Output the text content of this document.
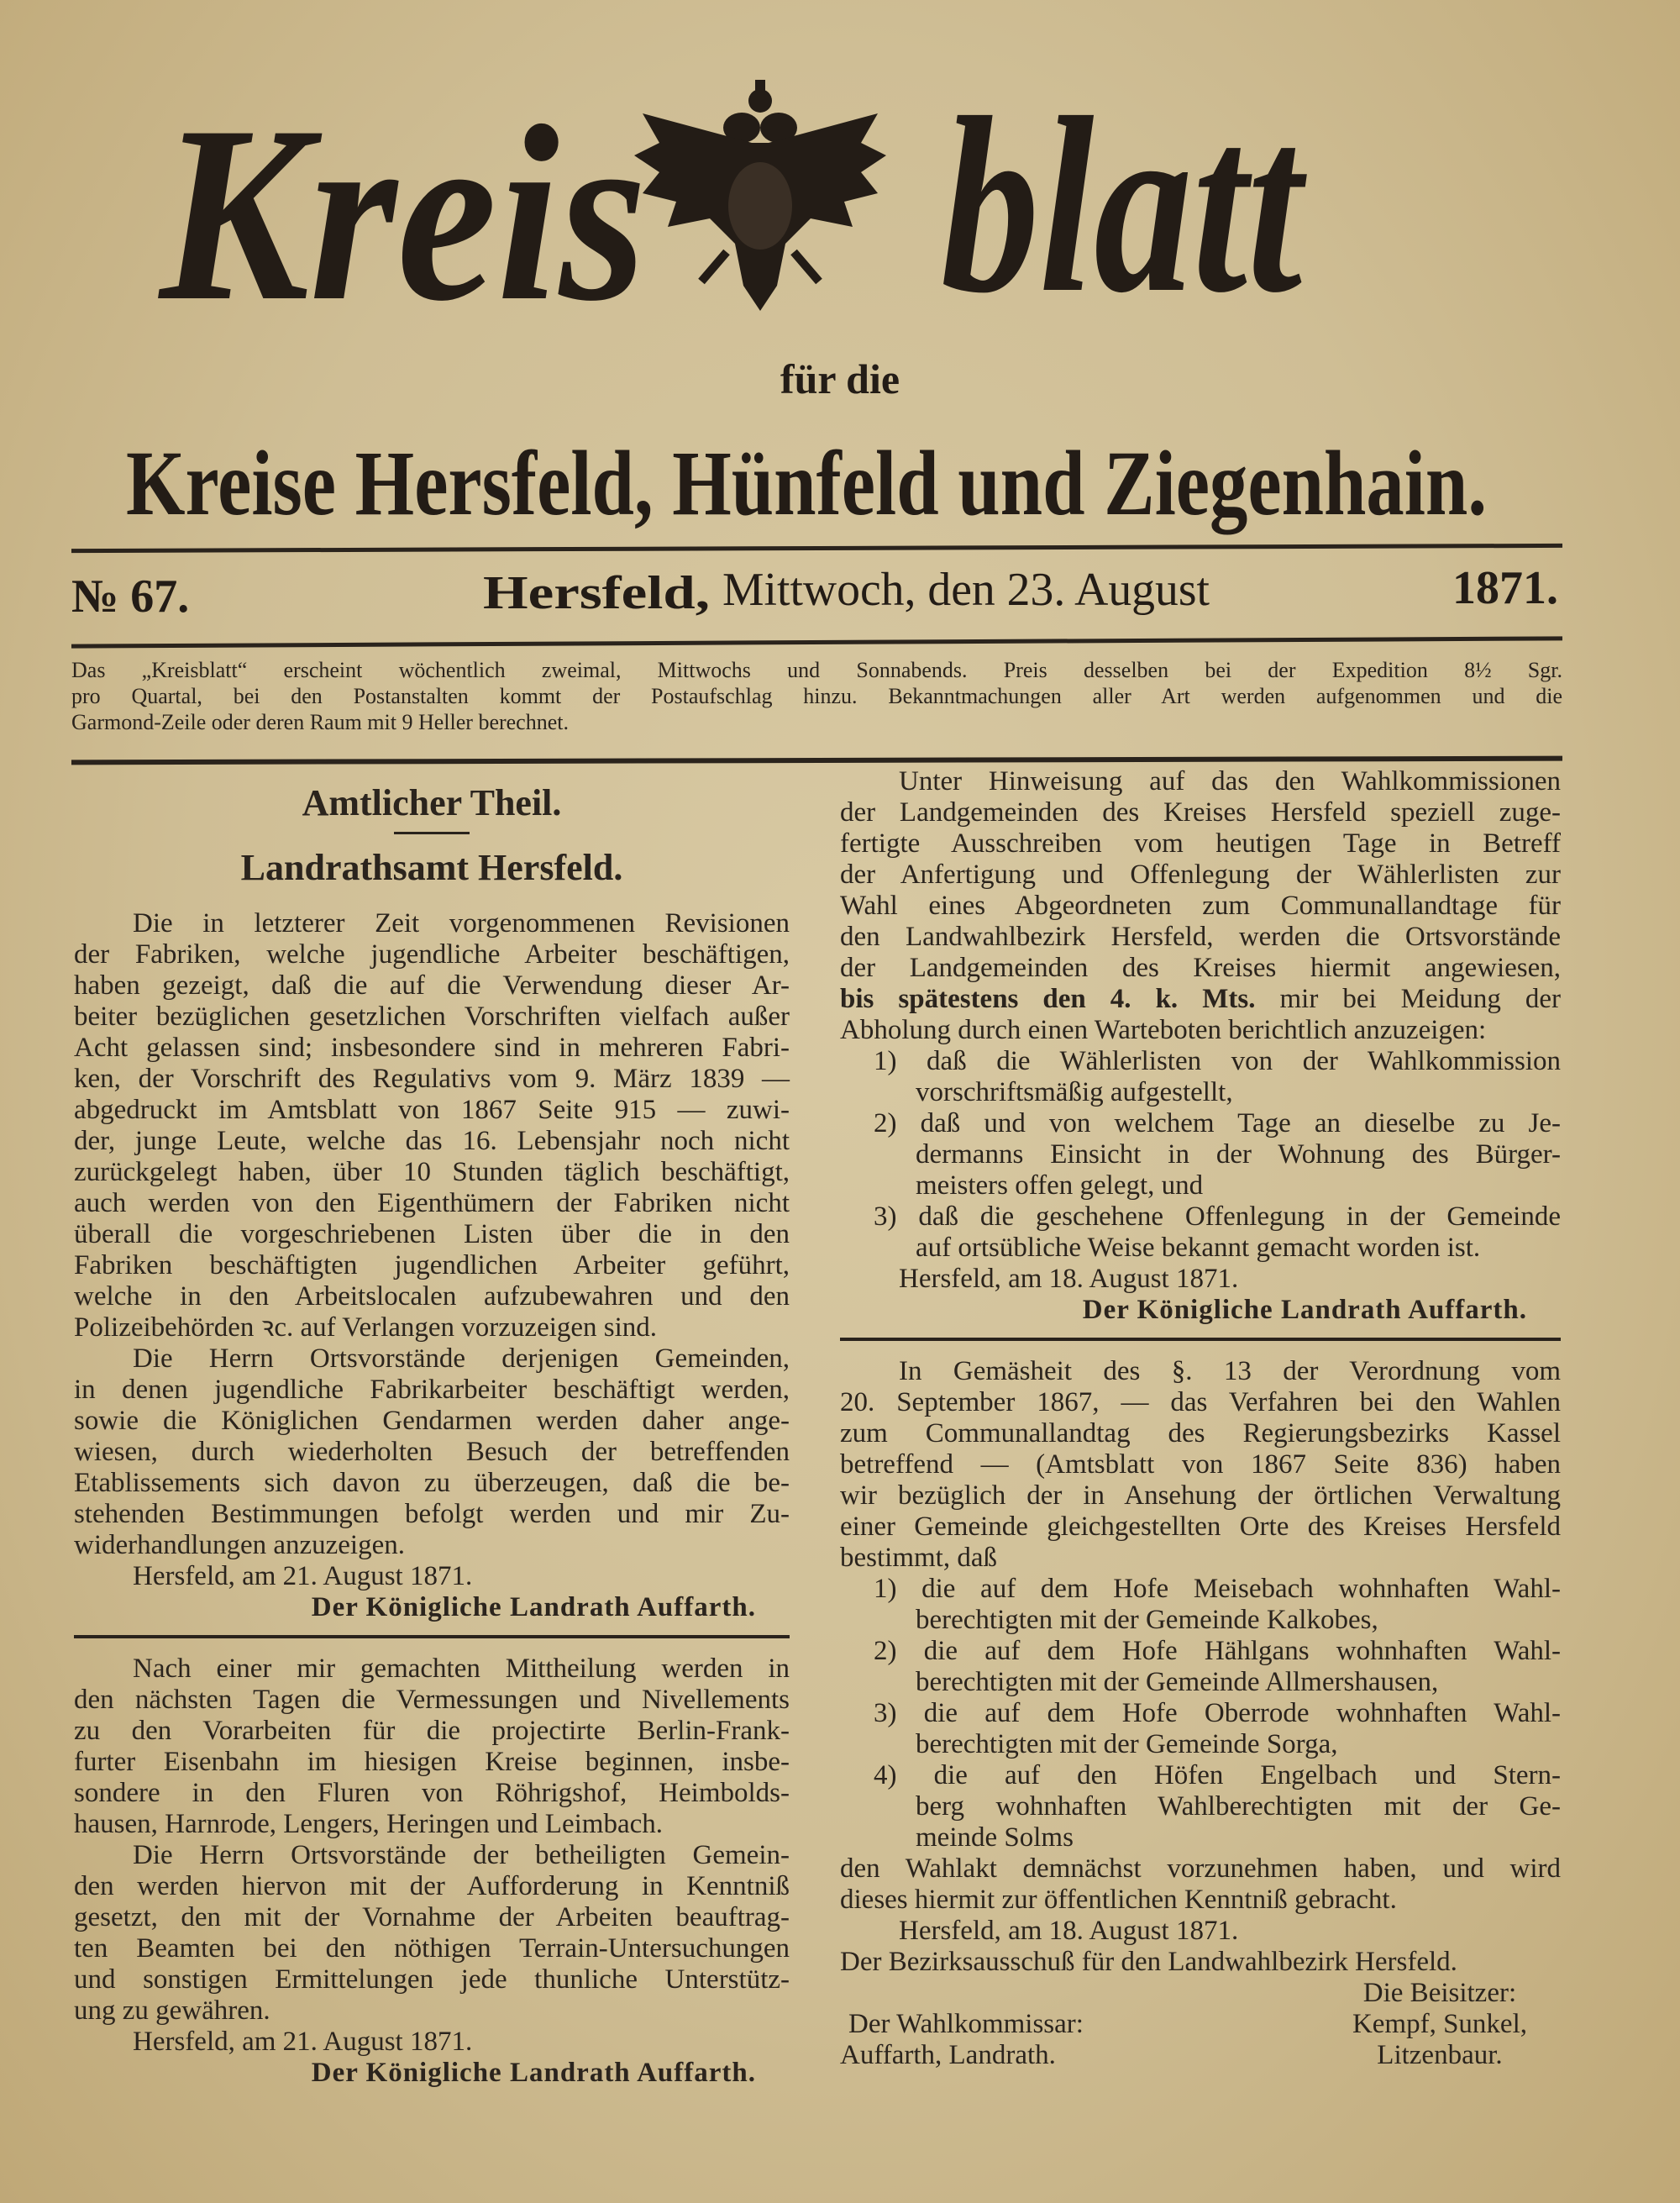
Kreis blatt
für die
Kreise Hersfeld, Hünfeld und Ziegenhain.
№ 67.	Hersfeld, Mittwoch, den 23. August	1871.
Das „Kreisblatt“ erscheint wöchentlich zweimal, Mittwochs und Sonnabends. Preis desselben bei der Expedition 8½ Sgr.
pro Quartal, bei den Postanstalten kommt der Postaufschlag hinzu. Bekanntmachungen aller Art werden aufgenommen und die
Garmond-Zeile oder deren Raum mit 9 Heller berechnet.
Amtlicher Theil.
Landrathsamt Hersfeld.
Die in letzterer Zeit vorgenommenen Revisionen
der Fabriken, welche jugendliche Arbeiter beschäftigen,
haben gezeigt, daß die auf die Verwendung dieser Ar-
beiter bezüglichen gesetzlichen Vorschriften vielfach außer
Acht gelassen sind; insbesondere sind in mehreren Fabri-
ken, der Vorschrift des Regulativs vom 9. März 1839 —
abgedruckt im Amtsblatt von 1867 Seite 915 — zuwi-
der, junge Leute, welche das 16. Lebensjahr noch nicht
zurückgelegt haben, über 10 Stunden täglich beschäftigt,
auch werden von den Eigenthümern der Fabriken nicht
überall die vorgeschriebenen Listen über die in den
Fabriken beschäftigten jugendlichen Arbeiter geführt,
welche in den Arbeitslocalen aufzubewahren und den
Polizeibehörden ꝛc. auf Verlangen vorzuzeigen sind.
Die Herrn Ortsvorstände derjenigen Gemeinden,
in denen jugendliche Fabrikarbeiter beschäftigt werden,
sowie die Königlichen Gendarmen werden daher ange-
wiesen, durch wiederholten Besuch der betreffenden
Etablissements sich davon zu überzeugen, daß die be-
stehenden Bestimmungen befolgt werden und mir Zu-
widerhandlungen anzuzeigen.
Hersfeld, am 21. August 1871.
Der Königliche Landrath Auffarth.
Nach einer mir gemachten Mittheilung werden in
den nächsten Tagen die Vermessungen und Nivellements
zu den Vorarbeiten für die projectirte Berlin-Frank-
furter Eisenbahn im hiesigen Kreise beginnen, insbe-
sondere in den Fluren von Röhrigshof, Heimbolds-
hausen, Harnrode, Lengers, Heringen und Leimbach.
Die Herrn Ortsvorstände der betheiligten Gemein-
den werden hiervon mit der Aufforderung in Kenntniß
gesetzt, den mit der Vornahme der Arbeiten beauftrag-
ten Beamten bei den nöthigen Terrain-Untersuchungen
und sonstigen Ermittelungen jede thunliche Unterstütz-
ung zu gewähren.
Hersfeld, am 21. August 1871.
Der Königliche Landrath Auffarth.
Unter Hinweisung auf das den Wahlkommissionen
der Landgemeinden des Kreises Hersfeld speziell zuge-
fertigte Ausschreiben vom heutigen Tage in Betreff
der Anfertigung und Offenlegung der Wählerlisten zur
Wahl eines Abgeordneten zum Communallandtage für
den Landwahlbezirk Hersfeld, werden die Ortsvorstände
der Landgemeinden des Kreises hiermit angewiesen,
bis spätestens den 4. k. Mts. mir bei Meidung der
Abholung durch einen Warteboten berichtlich anzuzeigen:
1) daß die Wählerlisten von der Wahlkommission
vorschriftsmäßig aufgestellt,
2) daß und von welchem Tage an dieselbe zu Je-
dermanns Einsicht in der Wohnung des Bürger-
meisters offen gelegt, und
3) daß die geschehene Offenlegung in der Gemeinde
auf ortsübliche Weise bekannt gemacht worden ist.
Hersfeld, am 18. August 1871.
Der Königliche Landrath Auffarth.
In Gemäsheit des §. 13 der Verordnung vom
20. September 1867, — das Verfahren bei den Wahlen
zum Communallandtag des Regierungsbezirks Kassel
betreffend — (Amtsblatt von 1867 Seite 836) haben
wir bezüglich der in Ansehung der örtlichen Verwaltung
einer Gemeinde gleichgestellten Orte des Kreises Hersfeld
bestimmt, daß
1) die auf dem Hofe Meisebach wohnhaften Wahl-
berechtigten mit der Gemeinde Kalkobes,
2) die auf dem Hofe Hählgans wohnhaften Wahl-
berechtigten mit der Gemeinde Allmershausen,
3) die auf dem Hofe Oberrode wohnhaften Wahl-
berechtigten mit der Gemeinde Sorga,
4) die auf den Höfen Engelbach und Stern-
berg wohnhaften Wahlberechtigten mit der Ge-
meinde Solms
den Wahlakt demnächst vorzunehmen haben, und wird
dieses hiermit zur öffentlichen Kenntniß gebracht.
Hersfeld, am 18. August 1871.
Der Bezirksausschuß für den Landwahlbezirk Hersfeld.
Der Wahlkommissar:
Auffarth, Landrath.
Die Beisitzer:
Kempf, Sunkel,
Litzenbaur.
